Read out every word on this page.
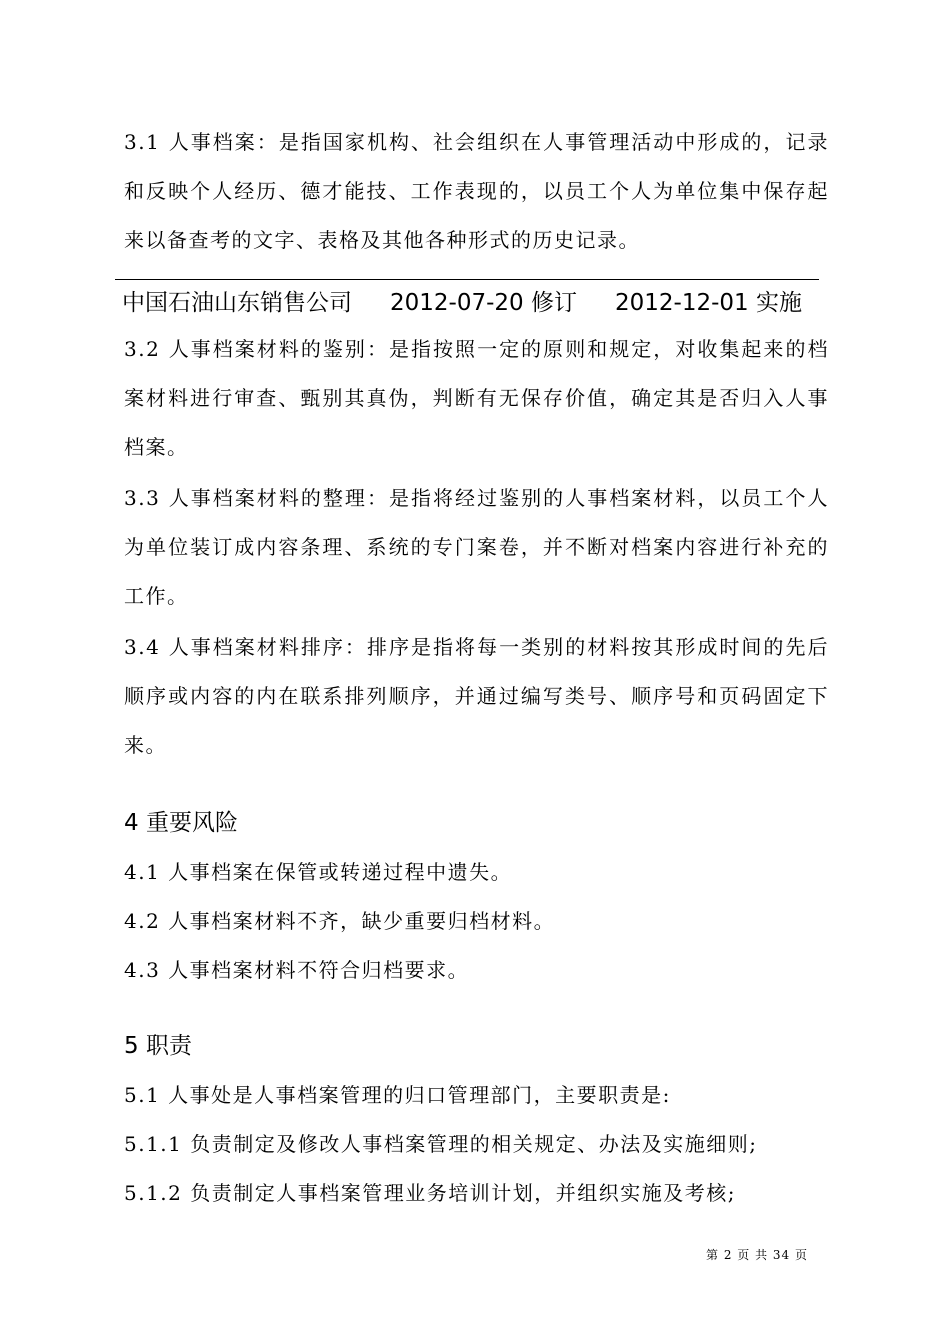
3.1 人事档案：是指国家机构、社会组织在人事管理活动中形成的，记录和反映个人经历、德才能技、工作表现的，以员工个人为单位集中保存起来以备查考的文字、表格及其他各种形式的历史记录。
中国石油山东销售公司 2012-07-20 修订 2012-12-01 实施
3.2 人事档案材料的鉴别：是指按照一定的原则和规定，对收集起来的档案材料进行审查、甄别其真伪，判断有无保存价值，确定其是否归入人事档案。
3.3 人事档案材料的整理：是指将经过鉴别的人事档案材料，以员工个人为单位装订成内容条理、系统的专门案卷，并不断对档案内容进行补充的工作。
3.4 人事档案材料排序：排序是指将每一类别的材料按其形成时间的先后顺序或内容的内在联系排列顺序，并通过编写类号、顺序号和页码固定下来。
4 重要风险
4.1 人事档案在保管或转递过程中遗失。
4.2 人事档案材料不齐，缺少重要归档材料。
4.3 人事档案材料不符合归档要求。
5 职责
5.1 人事处是人事档案管理的归口管理部门，主要职责是:
5.1.1 负责制定及修改人事档案管理的相关规定、办法及实施细则;
5.1.2 负责制定人事档案管理业务培训计划，并组织实施及考核;
第 2 页 共 34 页
